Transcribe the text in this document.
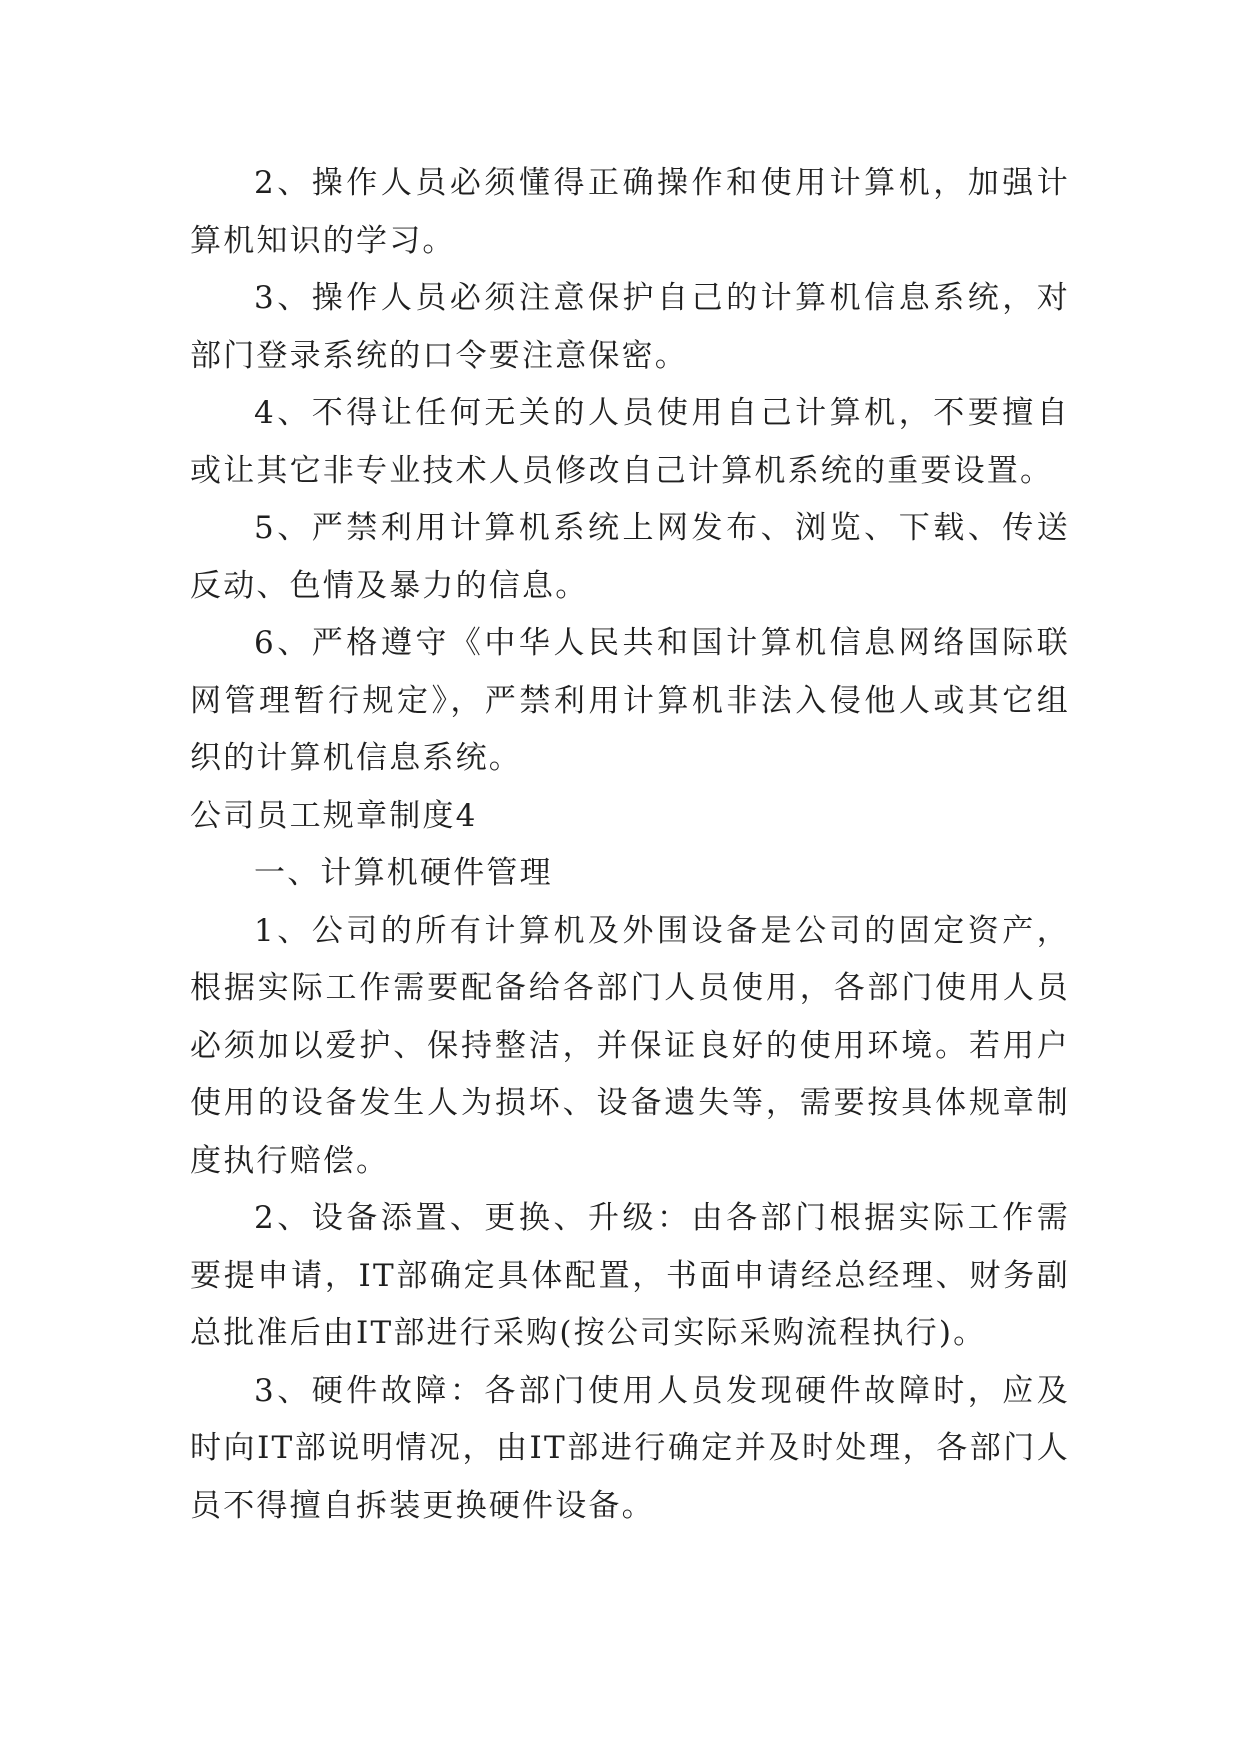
2、操作人员必须懂得正确操作和使用计算机，加强计算机知识的学习。

3、操作人员必须注意保护自己的计算机信息系统，对部门登录系统的口令要注意保密。

4、不得让任何无关的人员使用自己计算机，不要擅自或让其它非专业技术人员修改自己计算机系统的重要设置。

5、严禁利用计算机系统上网发布、浏览、下载、传送反动、色情及暴力的信息。

6、严格遵守《中华人民共和国计算机信息网络国际联网管理暂行规定》，严禁利用计算机非法入侵他人或其它组织的计算机信息系统。

公司员工规章制度4

一、计算机硬件管理

1、公司的所有计算机及外围设备是公司的固定资产，根据实际工作需要配备给各部门人员使用，各部门使用人员必须加以爱护、保持整洁，并保证良好的使用环境。若用户使用的设备发生人为损坏、设备遗失等，需要按具体规章制度执行赔偿。

2、设备添置、更换、升级：由各部门根据实际工作需要提申请，IT部确定具体配置，书面申请经总经理、财务副总批准后由IT部进行采购(按公司实际采购流程执行)。

3、硬件故障：各部门使用人员发现硬件故障时，应及时向IT部说明情况，由IT部进行确定并及时处理，各部门人员不得擅自拆装更换硬件设备。
